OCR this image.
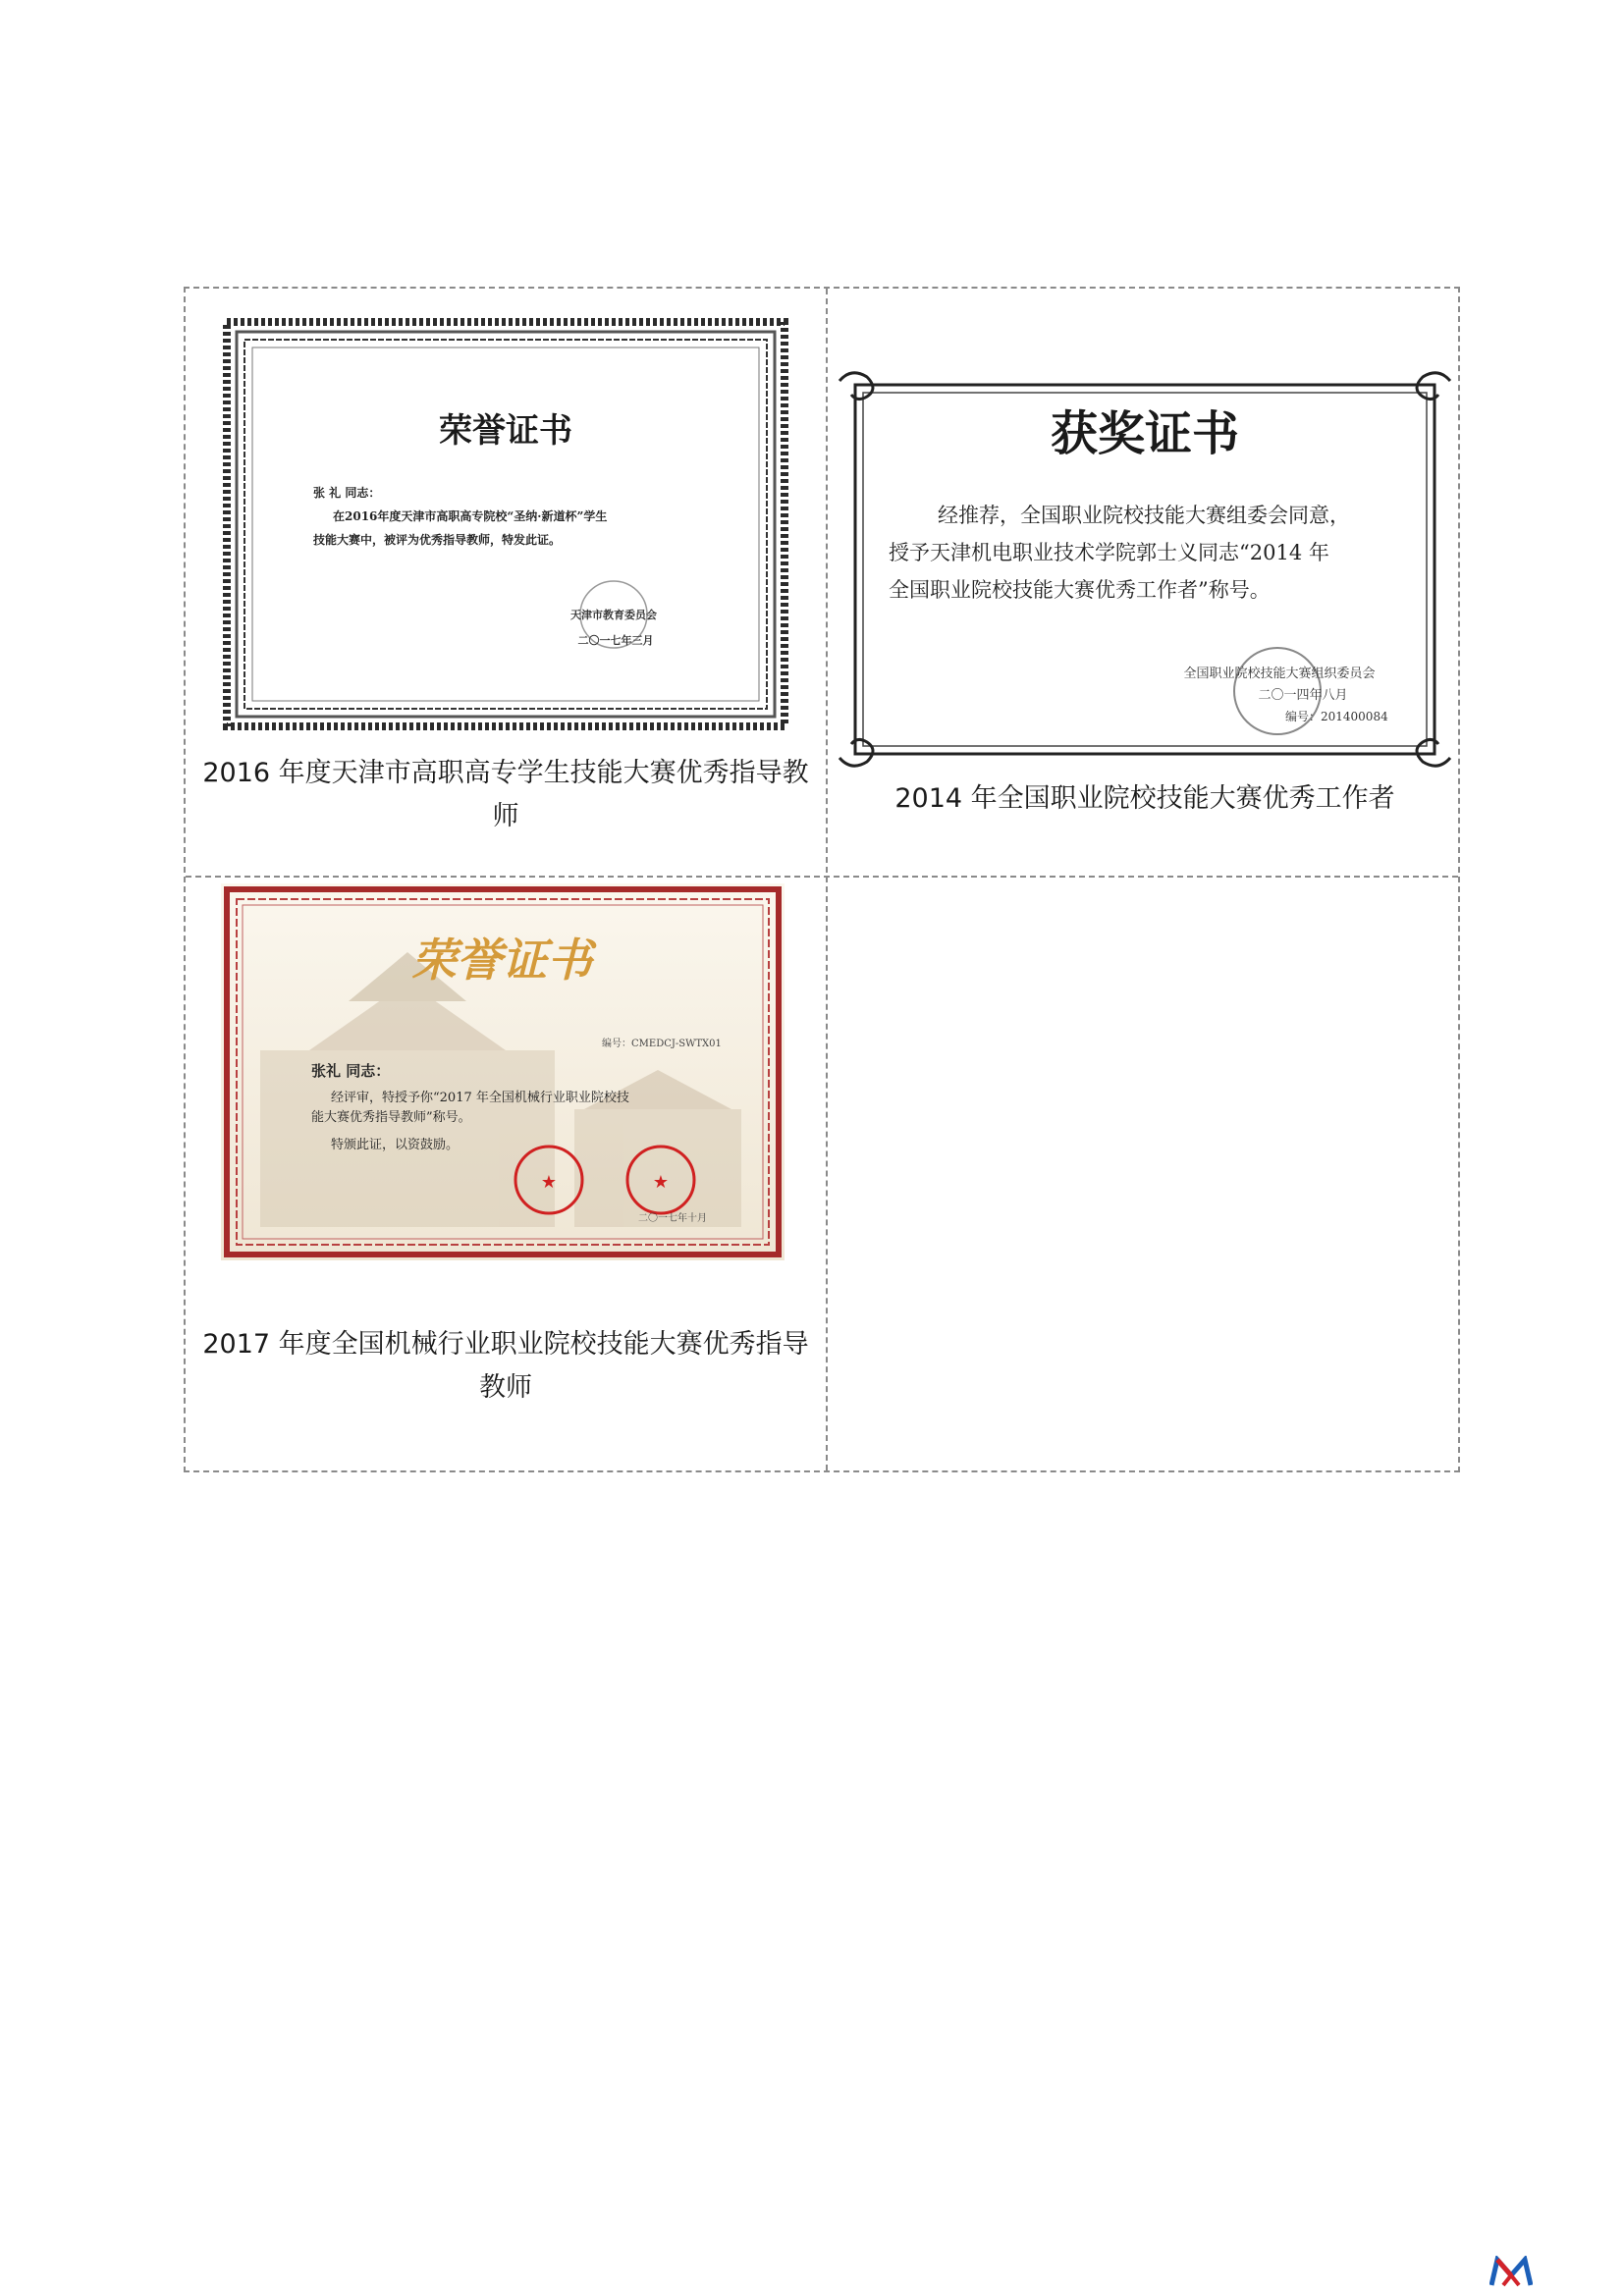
荣誉证书
张 礼 同志：
在2016年度天津市高职高专院校“圣纳·新道杯”学生
技能大赛中，被评为优秀指导教师，特发此证。
天津市教育委员会
二〇一七年三月
2016 年度天津市高职高专学生技能大赛优秀指导教师
获奖证书
经推荐，全国职业院校技能大赛组委会同意，
授予天津机电职业技术学院郭士义同志“2014 年
全国职业院校技能大赛优秀工作者”称号。
全国职业院校技能大赛组织委员会
二〇一四年八月
编号：201400084
2014 年全国职业院校技能大赛优秀工作者
荣誉证书
编号：CMEDCJ-SWTX01
张礼 同志：
经评审，特授予你“2017 年全国机械行业职业院校技
能大赛优秀指导教师”称号。
特颁此证，以资鼓励。
★	★
二〇一七年十月
2017 年度全国机械行业职业院校技能大赛优秀指导教师
